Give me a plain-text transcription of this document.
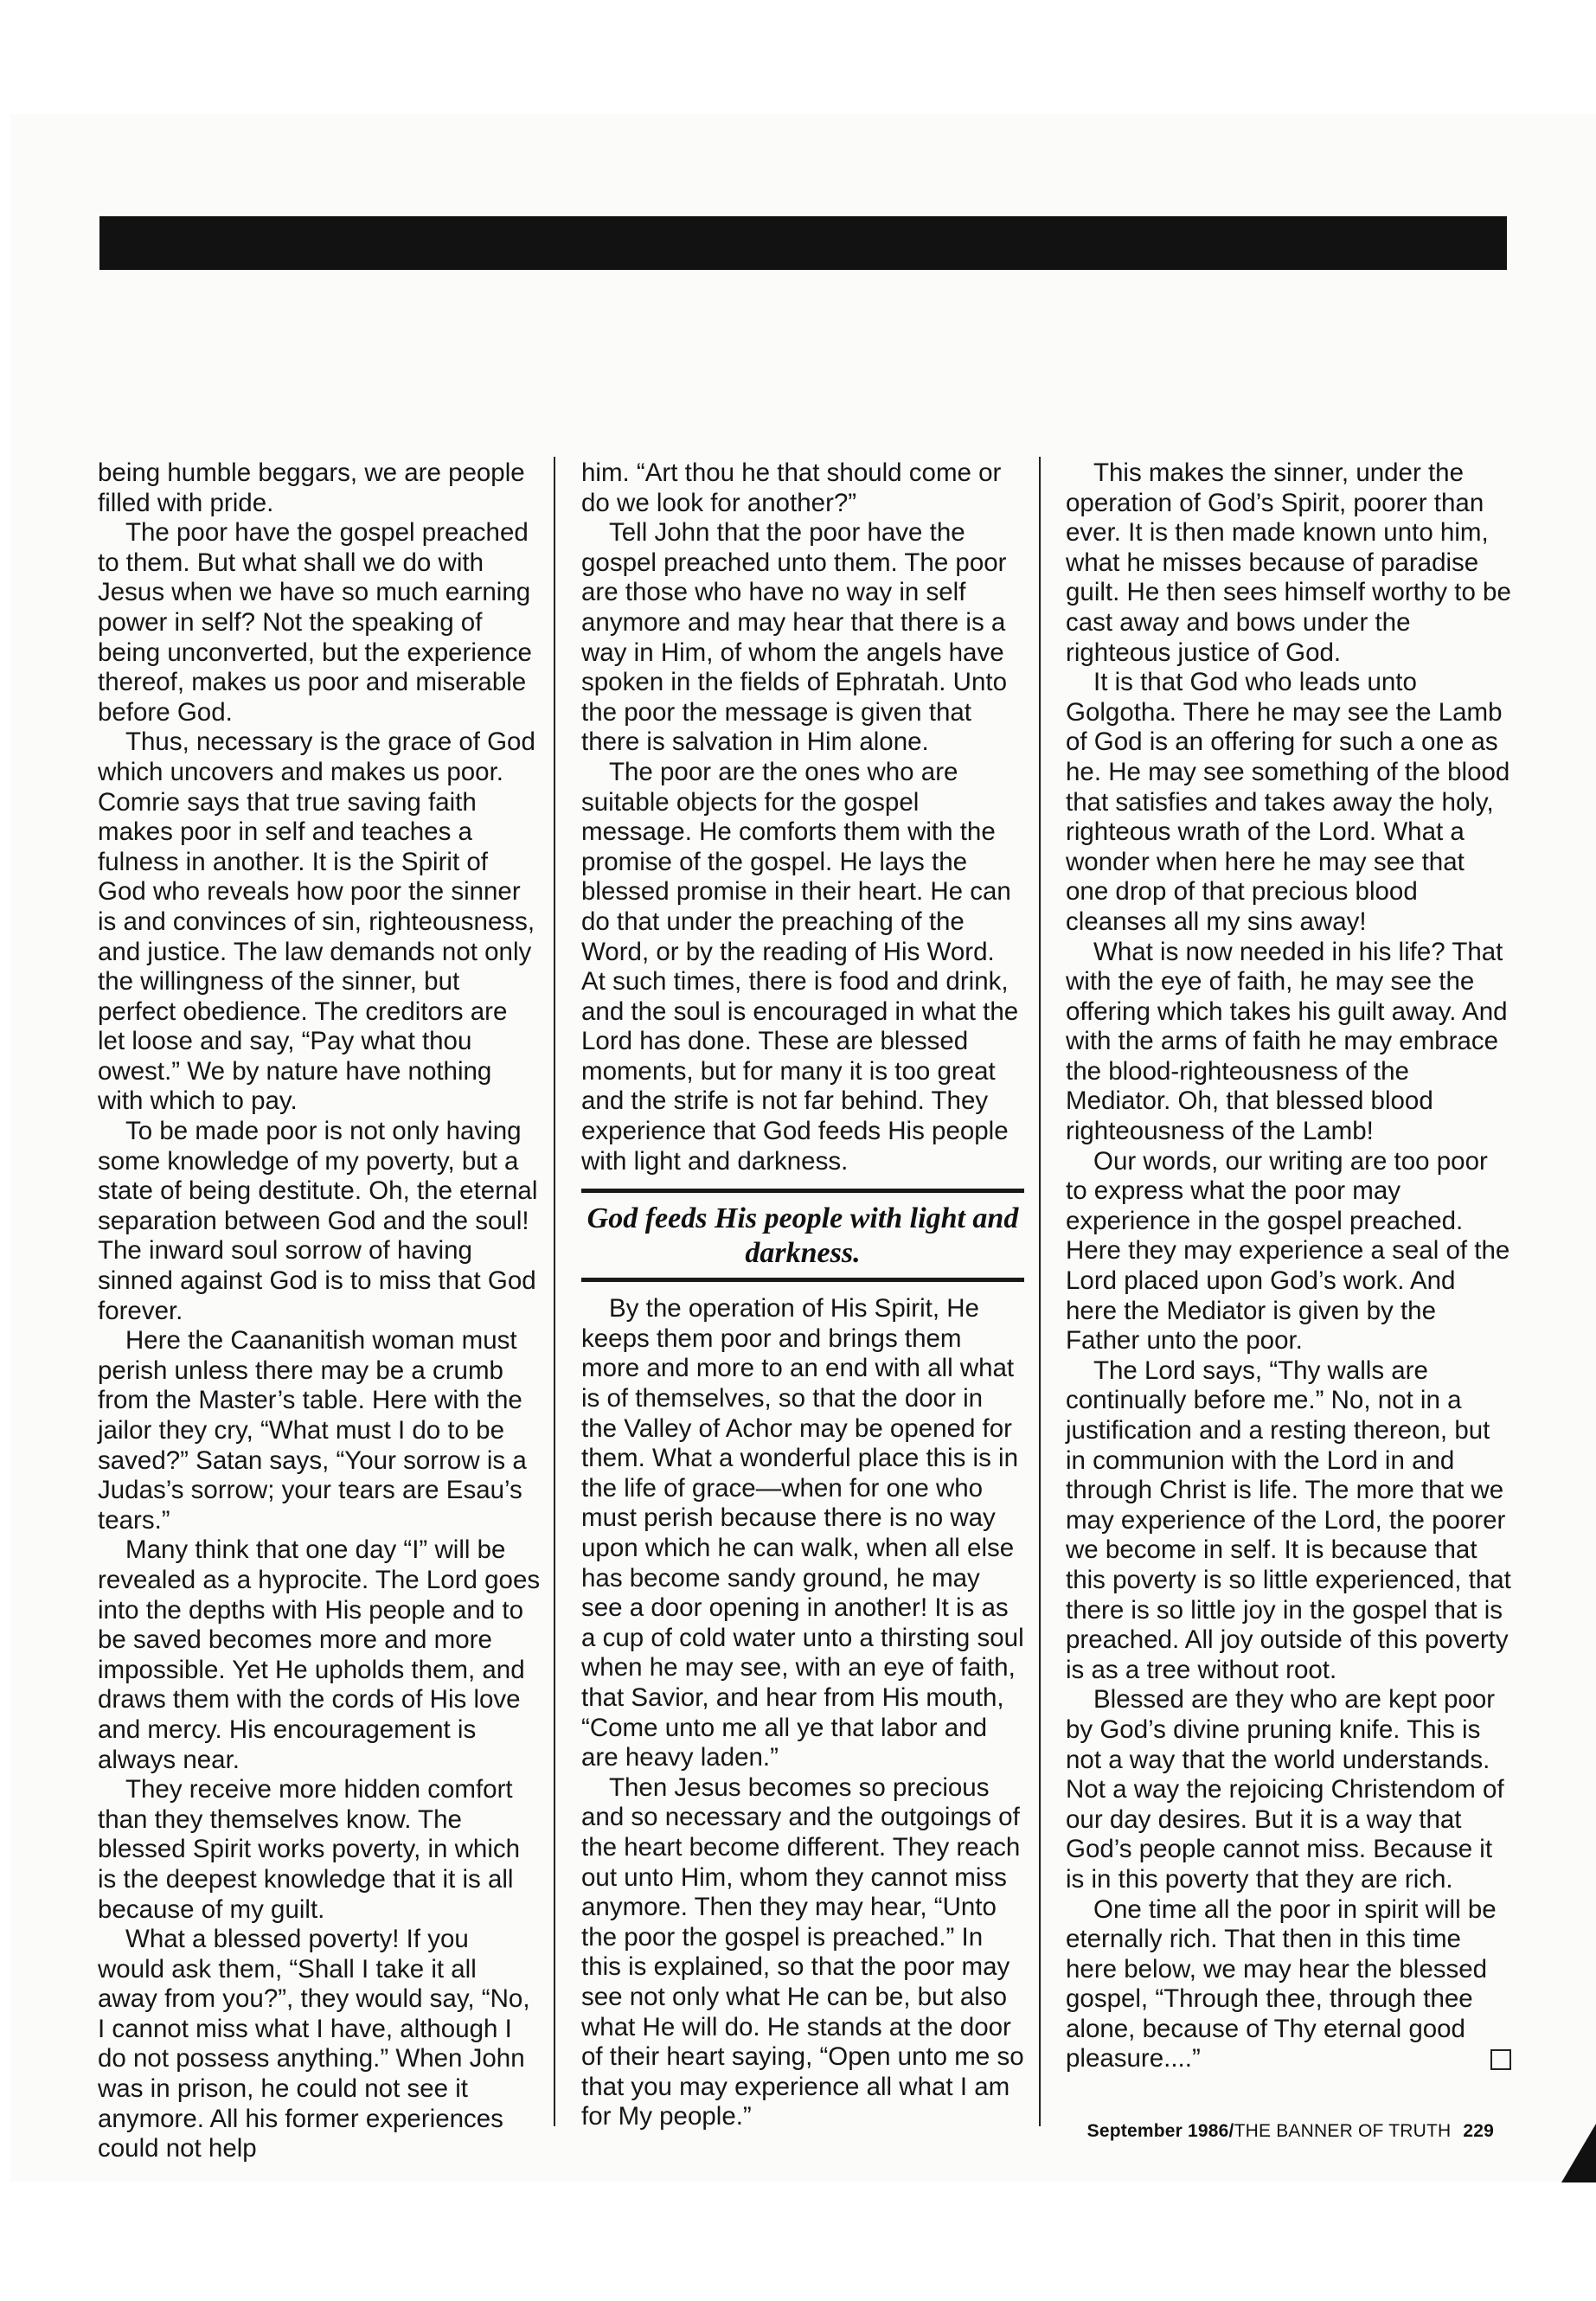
being humble beggars, we are people filled with pride.

The poor have the gospel preached to them. But what shall we do with Jesus when we have so much earning power in self? Not the speaking of being unconverted, but the experience thereof, makes us poor and miserable before God.

Thus, necessary is the grace of God which uncovers and makes us poor. Comrie says that true saving faith makes poor in self and teaches a fulness in another. It is the Spirit of God who reveals how poor the sinner is and convinces of sin, righteousness, and justice. The law demands not only the willingness of the sinner, but perfect obedience. The creditors are let loose and say, “Pay what thou owest.” We by nature have nothing with which to pay.

To be made poor is not only having some knowledge of my poverty, but a state of being destitute. Oh, the eternal separation between God and the soul! The inward soul sorrow of having sinned against God is to miss that God forever.

Here the Caananitish woman must perish unless there may be a crumb from the Master’s table. Here with the jailor they cry, “What must I do to be saved?” Satan says, “Your sorrow is a Judas’s sorrow; your tears are Esau’s tears.”

Many think that one day “I” will be revealed as a hyprocite. The Lord goes into the depths with His people and to be saved becomes more and more impossible. Yet He upholds them, and draws them with the cords of His love and mercy. His encouragement is always near.

They receive more hidden comfort than they themselves know. The blessed Spirit works poverty, in which is the deepest knowledge that it is all because of my guilt.

What a blessed poverty! If you would ask them, “Shall I take it all away from you?”, they would say, “No, I cannot miss what I have, although I do not possess anything.” When John was in prison, he could not see it anymore. All his former experiences could not help

him. “Art thou he that should come or do we look for another?”

Tell John that the poor have the gospel preached unto them. The poor are those who have no way in self anymore and may hear that there is a way in Him, of whom the angels have spoken in the fields of Ephratah. Unto the poor the message is given that there is salvation in Him alone.

The poor are the ones who are suitable objects for the gospel message. He comforts them with the promise of the gospel. He lays the blessed promise in their heart. He can do that under the preaching of the Word, or by the reading of His Word. At such times, there is food and drink, and the soul is encouraged in what the Lord has done. These are blessed moments, but for many it is too great and the strife is not far behind. They experience that God feeds His people with light and darkness.

God feeds His people with light and darkness.

By the operation of His Spirit, He keeps them poor and brings them more and more to an end with all what is of themselves, so that the door in the Valley of Achor may be opened for them. What a wonderful place this is in the life of grace—when for one who must perish because there is no way upon which he can walk, when all else has become sandy ground, he may see a door opening in another! It is as a cup of cold water unto a thirsting soul when he may see, with an eye of faith, that Savior, and hear from His mouth, “Come unto me all ye that labor and are heavy laden.”

Then Jesus becomes so precious and so necessary and the outgoings of the heart become different. They reach out unto Him, whom they cannot miss anymore. Then they may hear, “Unto the poor the gospel is preached.” In this is explained, so that the poor may see not only what He can be, but also what He will do. He stands at the door of their heart saying, “Open unto me so that you may experience all what I am for My people.”

This makes the sinner, under the operation of God’s Spirit, poorer than ever. It is then made known unto him, what he misses because of paradise guilt. He then sees himself worthy to be cast away and bows under the righteous justice of God.

It is that God who leads unto Golgotha. There he may see the Lamb of God is an offering for such a one as he. He may see something of the blood that satisfies and takes away the holy, righteous wrath of the Lord. What a wonder when here he may see that one drop of that precious blood cleanses all my sins away!

What is now needed in his life? That with the eye of faith, he may see the offering which takes his guilt away. And with the arms of faith he may embrace the blood-righteousness of the Mediator. Oh, that blessed blood righteousness of the Lamb!

Our words, our writing are too poor to express what the poor may experience in the gospel preached. Here they may experience a seal of the Lord placed upon God’s work. And here the Mediator is given by the Father unto the poor.

The Lord says, “Thy walls are continually before me.” No, not in a justification and a resting thereon, but in communion with the Lord in and through Christ is life. The more that we may experience of the Lord, the poorer we become in self. It is because that this poverty is so little experienced, that there is so little joy in the gospel that is preached. All joy outside of this poverty is as a tree without root.

Blessed are they who are kept poor by God’s divine pruning knife. This is not a way that the world understands. Not a way the rejoicing Christendom of our day desires. But it is a way that God’s people cannot miss. Because it is in this poverty that they are rich.

One time all the poor in spirit will be eternally rich. That then in this time here below, we may hear the blessed gospel, “Through thee, through thee alone, because of Thy eternal good pleasure....”

September 1986/THE BANNER OF TRUTH 229
